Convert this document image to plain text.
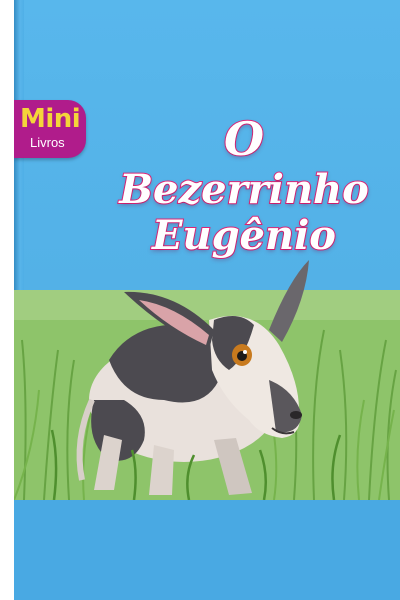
Mini
Livros	O
Bezerrinho
Eugênio
